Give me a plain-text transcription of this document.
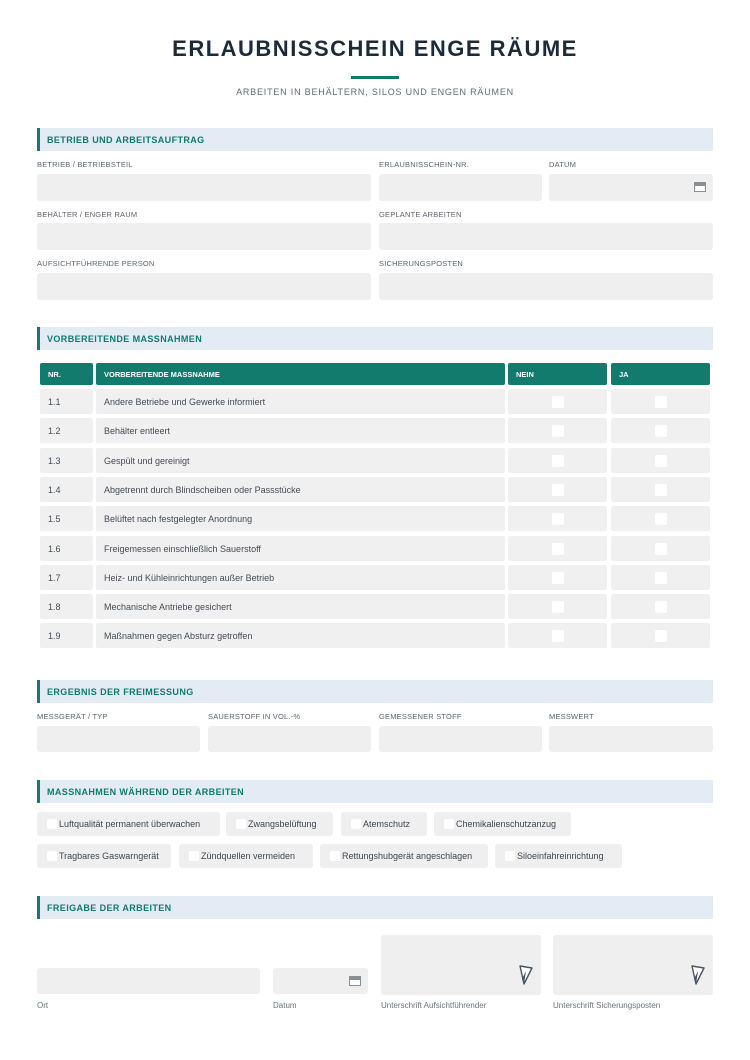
ERLAUBNISSCHEIN ENGE RÄUME
ARBEITEN IN BEHÄLTERN, SILOS UND ENGEN RÄUMEN
BETRIEB UND ARBEITSAUFTRAG
BETRIEB / BETRIEBSTEIL	ERLAUBNISSCHEIN-NR.	DATUM
BEHÄLTER / ENGER RAUM	GEPLANTE ARBEITEN
AUFSICHTFÜHRENDE PERSON	SICHERUNGSPOSTEN
VORBEREITENDE MASSNAHMEN
NR.	VORBEREITENDE MASSNAHME	NEIN	JA
1.1	Andere Betriebe und Gewerke informiert
1.2	Behälter entleert
1.3	Gespült und gereinigt
1.4	Abgetrennt durch Blindscheiben oder Passstücke
1.5	Belüftet nach festgelegter Anordnung
1.6	Freigemessen einschließlich Sauerstoff
1.7	Heiz- und Kühleinrichtungen außer Betrieb
1.8	Mechanische Antriebe gesichert
1.9	Maßnahmen gegen Absturz getroffen
ERGEBNIS DER FREIMESSUNG
MESSGERÄT / TYP	SAUERSTOFF IN VOL.-%	GEMESSENER STOFF	MESSWERT
MASSNAHMEN WÄHREND DER ARBEITEN
Luftqualität permanent überwachen	Zwangsbelüftung	Atemschutz	Chemikalienschutzanzug
Tragbares Gaswarngerät	Zündquellen vermeiden	Rettungshubgerät angeschlagen	Siloeinfahreinrichtung
FREIGABE DER ARBEITEN
Ort	Datum	Unterschrift Aufsichtführender	Unterschrift Sicherungsposten
